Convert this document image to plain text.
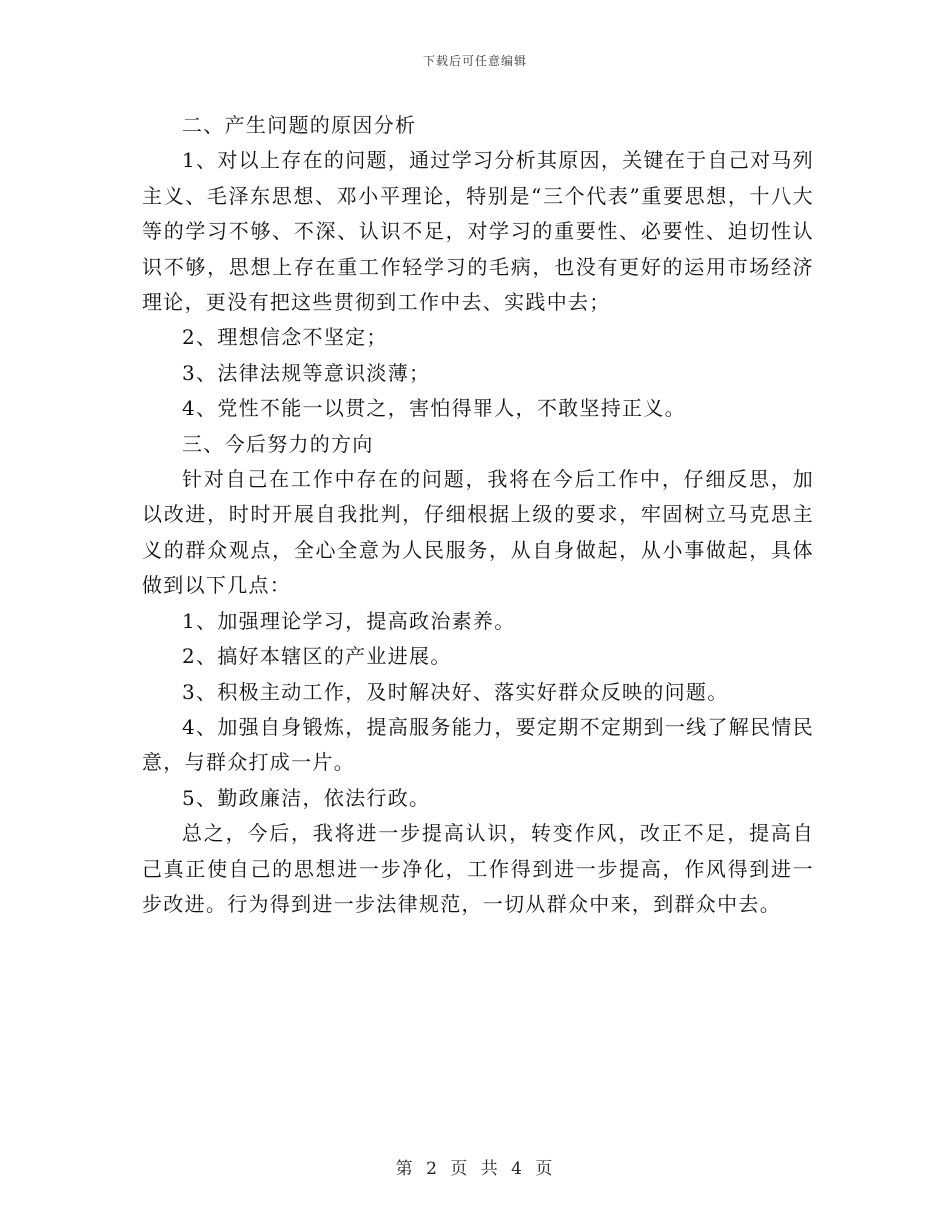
下载后可任意编辑

二、产生问题的原因分析

1、对以上存在的问题，通过学习分析其原因，关键在于自己对马列主义、毛泽东思想、邓小平理论，特别是“三个代表”重要思想，十八大等的学习不够、不深、认识不足，对学习的重要性、必要性、迫切性认识不够，思想上存在重工作轻学习的毛病，也没有更好的运用市场经济理论，更没有把这些贯彻到工作中去、实践中去；

2、理想信念不坚定；

3、法律法规等意识淡薄；

4、党性不能一以贯之，害怕得罪人，不敢坚持正义。

三、今后努力的方向

针对自己在工作中存在的问题，我将在今后工作中，仔细反思，加以改进，时时开展自我批判，仔细根据上级的要求，牢固树立马克思主义的群众观点，全心全意为人民服务，从自身做起，从小事做起，具体做到以下几点：

1、加强理论学习，提高政治素养。

2、搞好本辖区的产业进展。

3、积极主动工作，及时解决好、落实好群众反映的问题。

4、加强自身锻炼，提高服务能力，要定期不定期到一线了解民情民意，与群众打成一片。

5、勤政廉洁，依法行政。

总之，今后，我将进一步提高认识，转变作风，改正不足，提高自己真正使自己的思想进一步净化，工作得到进一步提高，作风得到进一步改进。行为得到进一步法律规范，一切从群众中来，到群众中去。

第 2 页 共 4 页
